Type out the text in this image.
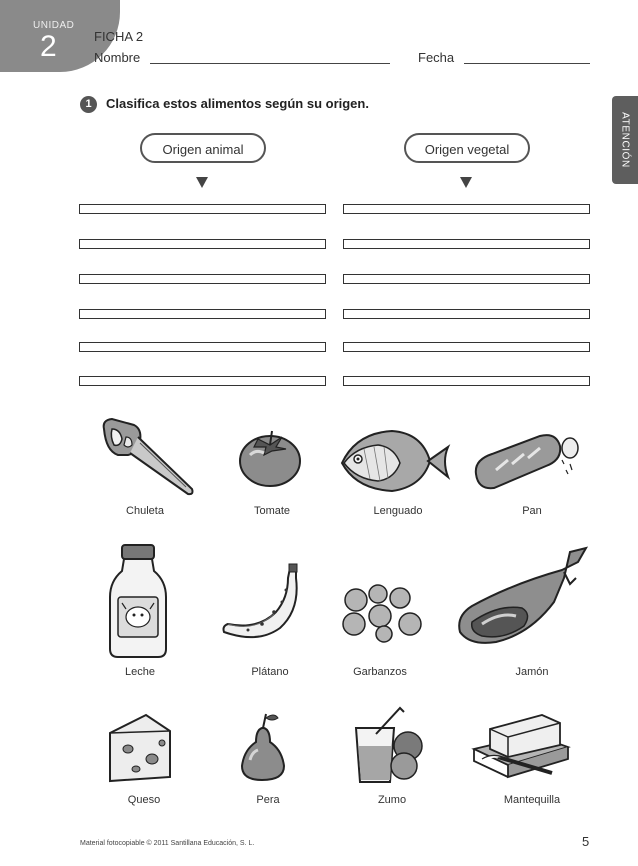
UNIDAD
2	FICHA 2
Nombre	Fecha
ATENCIÓN
1	Clasifica estos alimentos según su origen.
Origen animal	Origen vegetal
Chuleta	Tomate	Lenguado	Pan
Leche	Plátano	Garbanzos	Jamón
Queso	Pera	Zumo	Mantequilla
Material fotocopiable © 2011 Santillana Educación, S. L.	5
